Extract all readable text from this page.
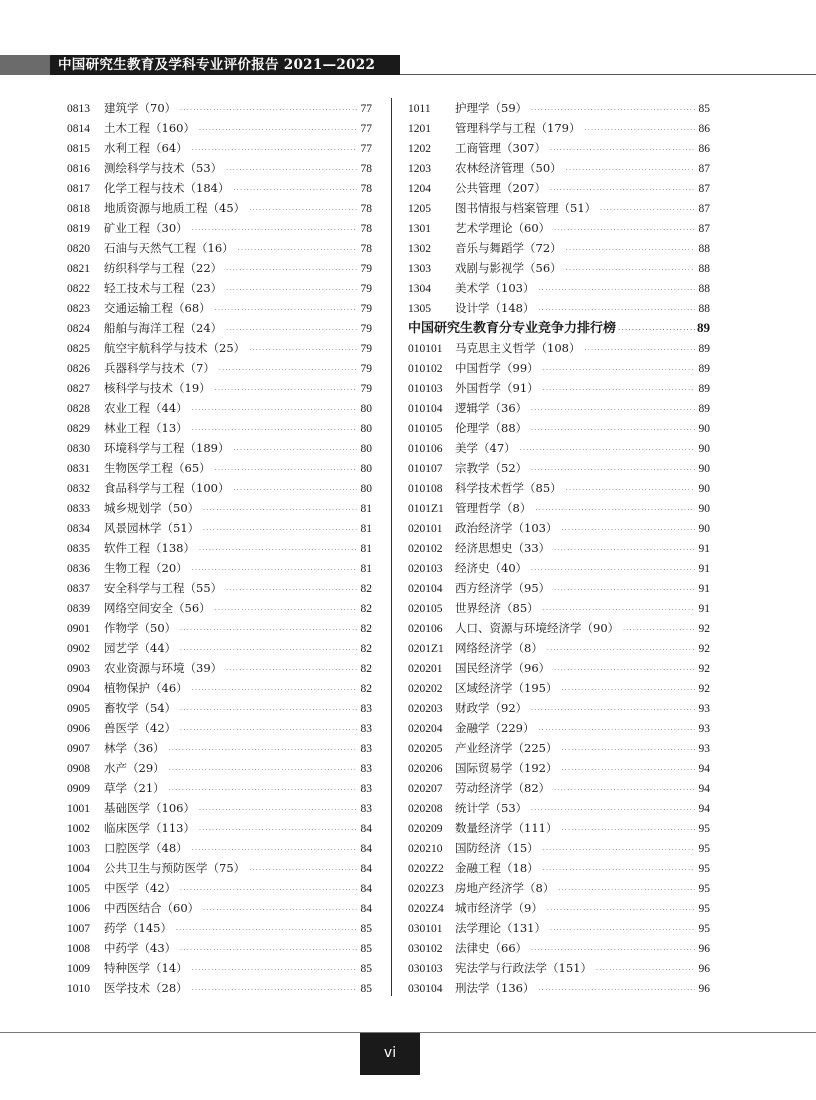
中国研究生教育及学科专业评价报告 2021—2022
0813	建筑学（70） ·····	77
0814	土木工程（160） ·····	77
0815	水利工程（64） ·····	77
0816	测绘科学与技术（53） ·····	78
0817	化学工程与技术（184） ·····	78
0818	地质资源与地质工程（45） ·····	78
0819	矿业工程（30） ·····	78
0820	石油与天然气工程（16） ·····	78
0821	纺织科学与工程（22） ·····	79
0822	轻工技术与工程（23） ·····	79
0823	交通运输工程（68） ·····	79
0824	船舶与海洋工程（24） ·····	79
0825	航空宇航科学与技术（25） ·····	79
0826	兵器科学与技术（7） ·····	79
0827	核科学与技术（19） ·····	79
0828	农业工程（44） ·····	80
0829	林业工程（13） ·····	80
0830	环境科学与工程（189） ·····	80
0831	生物医学工程（65） ·····	80
0832	食品科学与工程（100） ·····	80
0833	城乡规划学（50） ·····	81
0834	风景园林学（51） ·····	81
0835	软件工程（138） ·····	81
0836	生物工程（20） ·····	81
0837	安全科学与工程（55） ·····	82
0839	网络空间安全（56） ·····	82
0901	作物学（50） ·····	82
0902	园艺学（44） ·····	82
0903	农业资源与环境（39） ·····	82
0904	植物保护（46） ·····	82
0905	畜牧学（54） ·····	83
0906	兽医学（42） ·····	83
0907	林学（36） ·····	83
0908	水产（29） ·····	83
0909	草学（21） ·····	83
1001	基础医学（106） ·····	83
1002	临床医学（113） ·····	84
1003	口腔医学（48） ·····	84
1004	公共卫生与预防医学（75） ·····	84
1005	中医学（42） ·····	84
1006	中西医结合（60） ·····	84
1007	药学（145） ·····	85
1008	中药学（43） ·····	85
1009	特种医学（14） ·····	85
1010	医学技术（28） ·····	85
1011	护理学（59） ·····	85
1201	管理科学与工程（179） ·····	86
1202	工商管理（307） ·····	86
1203	农林经济管理（50） ·····	87
1204	公共管理（207） ·····	87
1205	图书情报与档案管理（51） ·····	87
1301	艺术学理论（60） ·····	87
1302	音乐与舞蹈学（72） ·····	88
1303	戏剧与影视学（56） ·····	88
1304	美术学（103） ·····	88
1305	设计学（148） ·····	88
中国研究生教育分专业竞争力排行榜 ·····	89
010101	马克思主义哲学（108） ·····	89
010102	中国哲学（99） ·····	89
010103	外国哲学（91） ·····	89
010104	逻辑学（36） ·····	89
010105	伦理学（88） ·····	90
010106	美学（47） ·····	90
010107	宗教学（52） ·····	90
010108	科学技术哲学（85） ·····	90
0101Z1 管理哲学（8） ·····	90
020101	政治经济学（103） ·····	90
020102	经济思想史（33） ·····	91
020103	经济史（40） ·····	91
020104	西方经济学（95） ·····	91
020105	世界经济（85） ·····	91
020106	人口、资源与环境经济学（90） ·····	92
0201Z1 网络经济学（8） ·····	92
020201	国民经济学（96） ·····	92
020202	区域经济学（195） ·····	92
020203	财政学（92） ·····	93
020204	金融学（229） ·····	93
020205	产业经济学（225） ·····	93
020206	国际贸易学（192） ·····	94
020207	劳动经济学（82） ·····	94
020208	统计学（53） ·····	94
020209	数量经济学（111） ·····	95
020210	国防经济（15） ·····	95
0202Z2 金融工程（18） ·····	95
0202Z3 房地产经济学（8） ·····	95
0202Z4 城市经济学（9） ·····	95
030101	法学理论（131） ·····	95
030102	法律史（66） ·····	96
030103	宪法学与行政法学（151） ·····	96
030104	刑法学（136） ·····	96
vi
